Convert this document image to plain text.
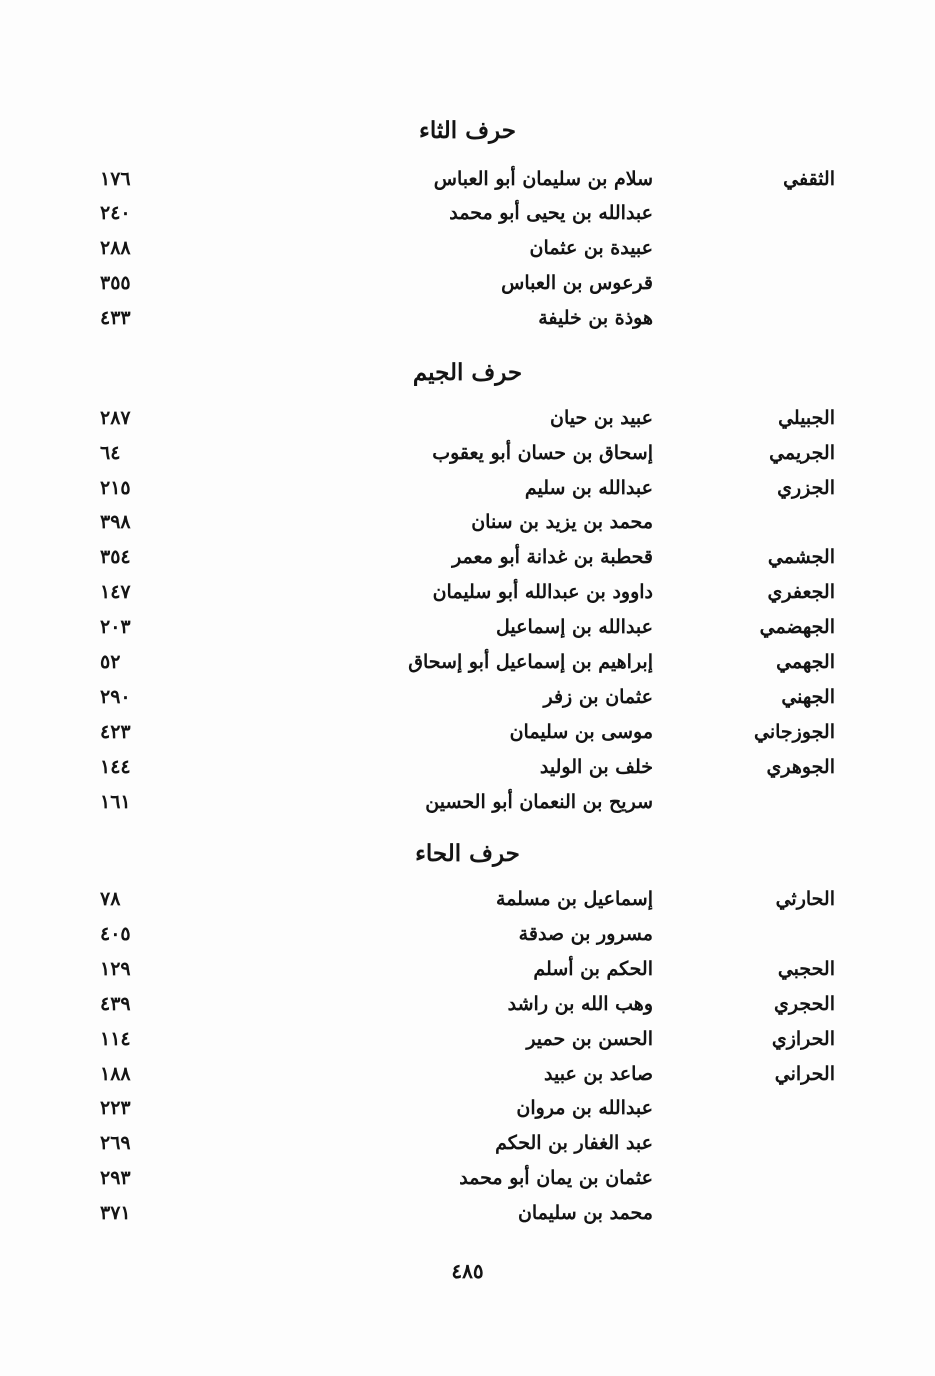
حرف الثاء
الثقفي
سلام بن سليمان أبو العباس
١٧٦
عبدالله بن يحيى أبو محمد
٢٤٠
عبيدة بن عثمان
٢٨٨
قرعوس بن العباس
٣٥٥
هوذة بن خليفة
٤٣٣
حرف الجيم
الجبيلي
عبيد بن حيان
٢٨٧
الجريمي
إسحاق بن حسان أبو يعقوب
٦٤
الجزري
عبدالله بن سليم
٢١٥
محمد بن يزيد بن سنان
٣٩٨
الجشمي
قحطبة بن غدانة أبو معمر
٣٥٤
الجعفري
داوود بن عبدالله أبو سليمان
١٤٧
الجهضمي
عبدالله بن إسماعيل
٢٠٣
الجهمي
إبراهيم بن إسماعيل أبو إسحاق
٥٢
الجهني
عثمان بن زفر
٢٩٠
الجوزجاني
موسى بن سليمان
٤٢٣
الجوهري
خلف بن الوليد
١٤٤
سريح بن النعمان أبو الحسين
١٦١
حرف الحاء
الحارثي
إسماعيل بن مسلمة
٧٨
مسرور بن صدقة
٤٠٥
الحجبي
الحكم بن أسلم
١٢٩
الحجري
وهب الله بن راشد
٤٣٩
الحرازي
الحسن بن حمير
١١٤
الحراني
صاعد بن عبيد
١٨٨
عبدالله بن مروان
٢٢٣
عبد الغفار بن الحكم
٢٦٩
عثمان بن يمان أبو محمد
٢٩٣
محمد بن سليمان
٣٧١
٤٨٥
